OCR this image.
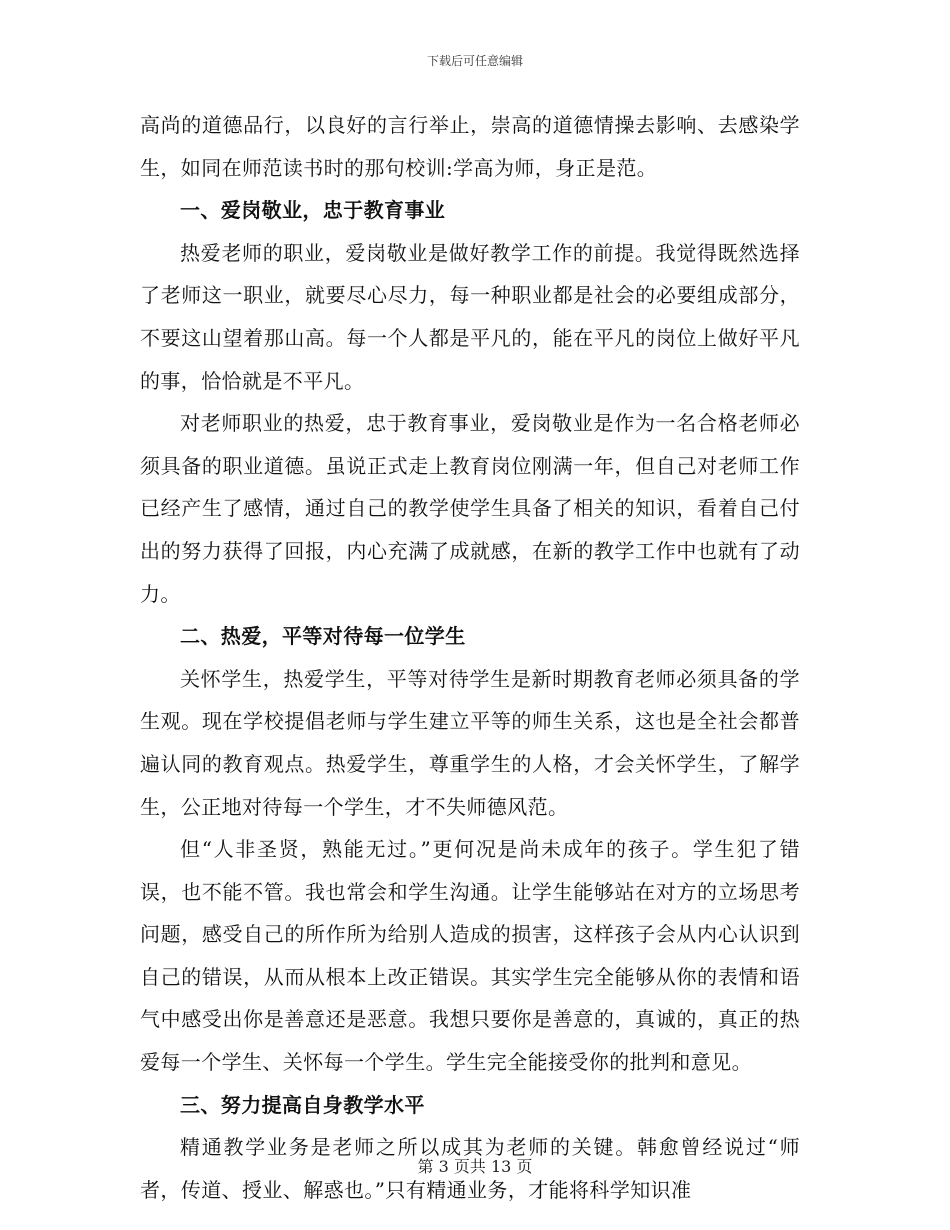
下载后可任意编辑

高尚的道德品行，以良好的言行举止，崇高的道德情操去影响、去感染学生，如同在师范读书时的那句校训:学高为师，身正是范。

一、爱岗敬业，忠于教育事业

热爱老师的职业，爱岗敬业是做好教学工作的前提。我觉得既然选择了老师这一职业，就要尽心尽力，每一种职业都是社会的必要组成部分，不要这山望着那山高。每一个人都是平凡的，能在平凡的岗位上做好平凡的事，恰恰就是不平凡。

对老师职业的热爱，忠于教育事业，爱岗敬业是作为一名合格老师必须具备的职业道德。虽说正式走上教育岗位刚满一年，但自己对老师工作已经产生了感情，通过自己的教学使学生具备了相关的知识，看着自己付出的努力获得了回报，内心充满了成就感，在新的教学工作中也就有了动力。

二、热爱，平等对待每一位学生

关怀学生，热爱学生，平等对待学生是新时期教育老师必须具备的学生观。现在学校提倡老师与学生建立平等的师生关系，这也是全社会都普遍认同的教育观点。热爱学生，尊重学生的人格，才会关怀学生，了解学生，公正地对待每一个学生，才不失师德风范。

但“人非圣贤，熟能无过。”更何况是尚未成年的孩子。学生犯了错误，也不能不管。我也常会和学生沟通。让学生能够站在对方的立场思考问题，感受自己的所作所为给别人造成的损害，这样孩子会从内心认识到自己的错误，从而从根本上改正错误。其实学生完全能够从你的表情和语气中感受出你是善意还是恶意。我想只要你是善意的，真诚的，真正的热爱每一个学生、关怀每一个学生。学生完全能接受你的批判和意见。

三、努力提高自身教学水平

精通教学业务是老师之所以成其为老师的关键。韩愈曾经说过“师者，传道、授业、解惑也。”只有精通业务，才能将科学知识准

第 3 页共 13 页
